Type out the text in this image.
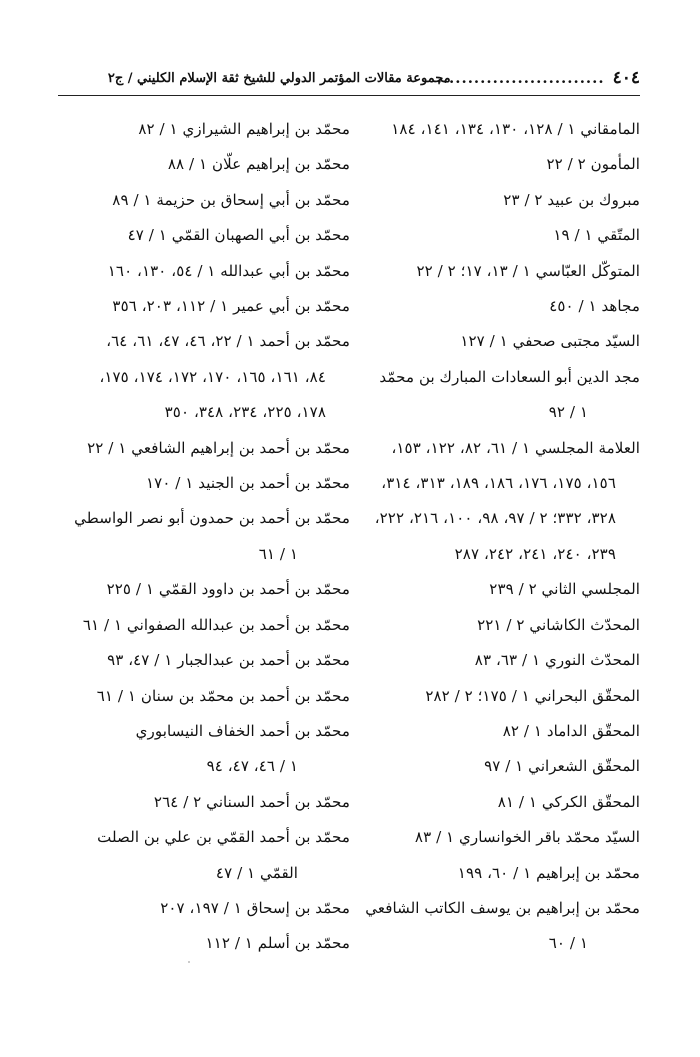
٤٠٤
...........................
مجموعة مقالات المؤتمر الدولي للشيخ ثقة الإسلام الكليني / ج٢
المامقاني ١ / ١٢٨، ١٣٠، ١٣٤، ١٤١، ١٨٤
المأمون ٢ / ٢٢
مبروك بن عبيد ٢ / ٢٣
المتّقي ١ / ١٩
المتوكّل العبّاسي ١ / ١٣، ١٧؛ ٢ / ٢٢
مجاهد ١ / ٤٥٠
السيّد مجتبى صحفي ١ / ١٢٧
مجد الدين أبو السعادات المبارك بن محمّد
١ / ٩٢
العلامة المجلسي ١ / ٦١، ٨٢، ١٢٢، ١٥٣،
١٥٦، ١٧٥، ١٧٦، ١٨٦، ١٨٩، ٣١٣، ٣١٤،
٣٢٨، ٣٣٢؛ ٢ / ٩٧، ٩٨، ١٠٠، ٢١٦، ٢٢٢،
٢٣٩، ٢٤٠، ٢٤١، ٢٤٢، ٢٨٧
المجلسي الثاني ٢ / ٢٣٩
المحدّث الكاشاني ٢ / ٢٢١
المحدّث النوري ١ / ٦٣، ٨٣
المحقّق البحراني ١ / ١٧٥؛ ٢ / ٢٨٢
المحقّق الداماد ١ / ٨٢
المحقّق الشعراني ١ / ٩٧
المحقّق الكركي ١ / ٨١
السيّد محمّد باقر الخوانساري ١ / ٨٣
محمّد بن إبراهيم ١ / ٦٠، ١٩٩
محمّد بن إبراهيم بن يوسف الكاتب الشافعي
١ / ٦٠
محمّد بن إبراهيم الشيرازي ١ / ٨٢
محمّد بن إبراهيم علّان ١ / ٨٨
محمّد بن أبي إسحاق بن حزيمة ١ / ٨٩
محمّد بن أبي الصهبان القمّي ١ / ٤٧
محمّد بن أبي عبدالله ١ / ٥٤، ١٣٠، ١٦٠
محمّد بن أبي عمير ١ / ١١٢، ٢٠٣، ٣٥٦
محمّد بن أحمد ١ / ٢٢، ٤٦، ٤٧، ٦١، ٦٤،
٨٤، ١٦١، ١٦٥، ١٧٠، ١٧٢، ١٧٤، ١٧٥،
١٧٨، ٢٢٥، ٢٣٤، ٣٤٨، ٣٥٠
محمّد بن أحمد بن إبراهيم الشافعي ١ / ٢٢
محمّد بن أحمد بن الجنيد ١ / ١٧٠
محمّد بن أحمد بن حمدون أبو نصر الواسطي
١ / ٦١
محمّد بن أحمد بن داوود القمّي ١ / ٢٢٥
محمّد بن أحمد بن عبدالله الصفواني ١ / ٦١
محمّد بن أحمد بن عبدالجبار ١ / ٤٧، ٩٣
محمّد بن أحمد بن محمّد بن سنان ١ / ٦١
محمّد بن أحمد الخفاف النيسابوري
١ / ٤٦، ٤٧، ٩٤
محمّد بن أحمد السناني ٢ / ٢٦٤
محمّد بن أحمد القمّي بن علي بن الصلت
القمّي ١ / ٤٧
محمّد بن إسحاق ١ / ١٩٧، ٢٠٧
محمّد بن أسلم ١ / ١١٢
